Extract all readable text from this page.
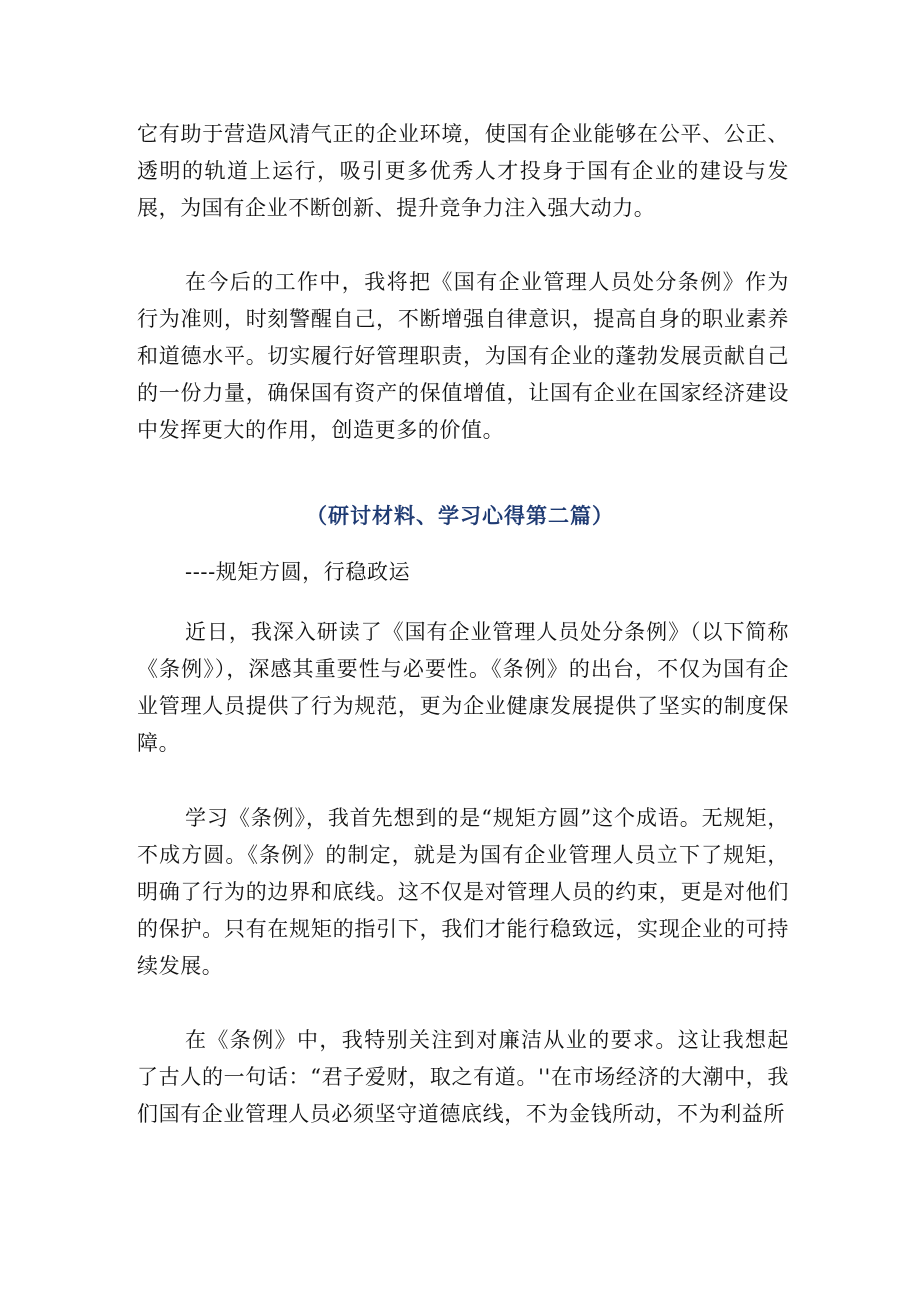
它有助于营造风清气正的企业环境，使国有企业能够在公平、公正、透明的轨道上运行，吸引更多优秀人才投身于国有企业的建设与发展，为国有企业不断创新、提升竞争力注入强大动力。

在今后的工作中，我将把《国有企业管理人员处分条例》作为行为准则，时刻警醒自己，不断增强自律意识，提高自身的职业素养和道德水平。切实履行好管理职责，为国有企业的蓬勃发展贡献自己的一份力量，确保国有资产的保值增值，让国有企业在国家经济建设中发挥更大的作用，创造更多的价值。

（研讨材料、学习心得第二篇）

----规矩方圆，行稳政运

近日，我深入研读了《国有企业管理人员处分条例》（以下简称《条例》），深感其重要性与必要性。《条例》的出台，不仅为国有企业管理人员提供了行为规范，更为企业健康发展提供了坚实的制度保障。

学习《条例》，我首先想到的是“规矩方圆”这个成语。无规矩，不成方圆。《条例》的制定，就是为国有企业管理人员立下了规矩，明确了行为的边界和底线。这不仅是对管理人员的约束，更是对他们的保护。只有在规矩的指引下，我们才能行稳致远，实现企业的可持续发展。

在《条例》中，我特别关注到对廉洁从业的要求。这让我想起了古人的一句话：“君子爱财，取之有道。''在市场经济的大潮中，我们国有企业管理人员必须坚守道德底线，不为金钱所动，不为利益所
